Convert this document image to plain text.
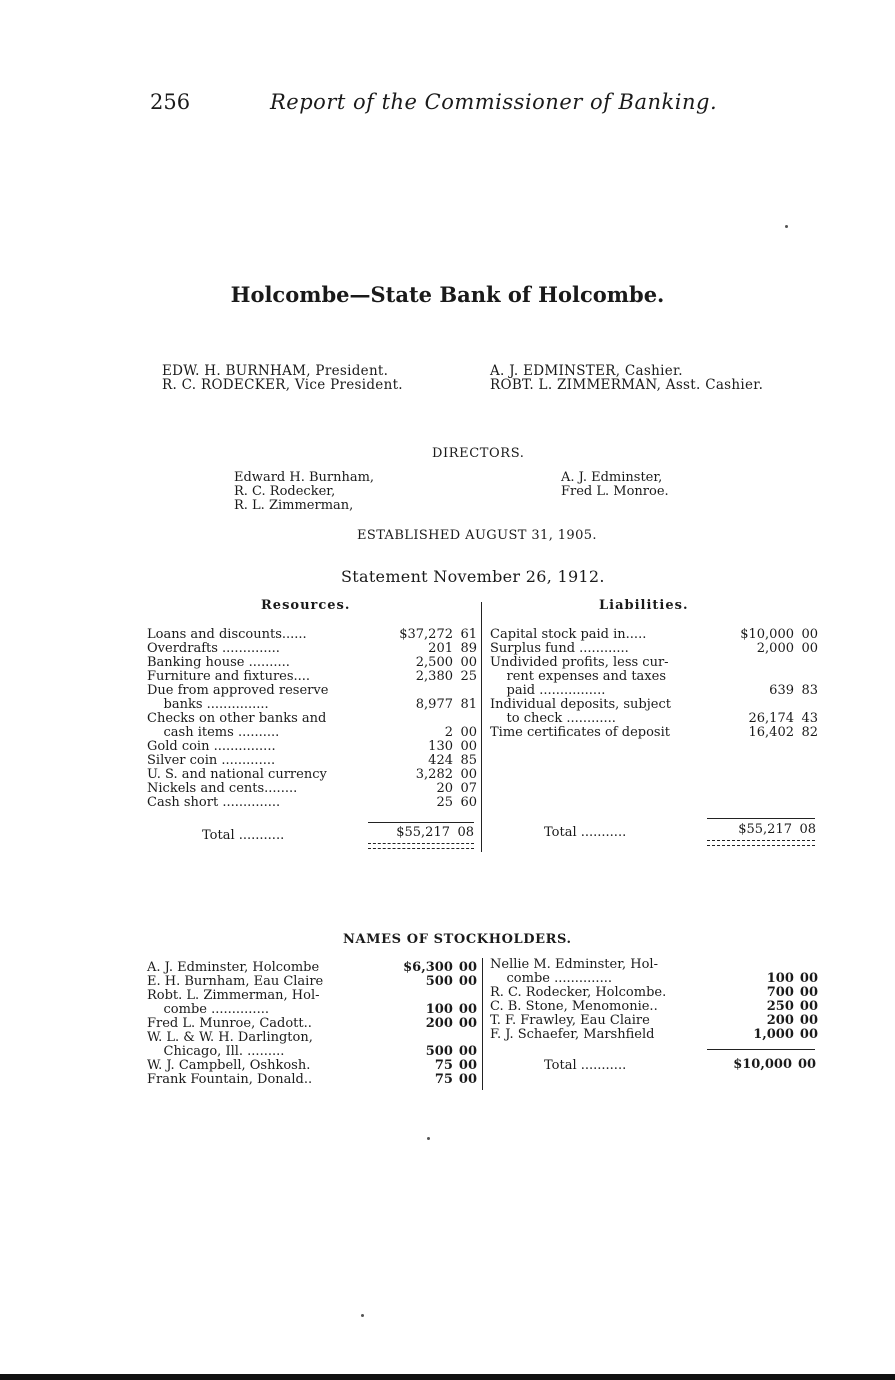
256	Report of the Commissioner of Banking.
Holcombe—State Bank of Holcombe.
EDW. H. BURNHAM, President.
R. C. RODECKER, Vice President.
A. J. EDMINSTER, Cashier.
ROBT. L. ZIMMERMAN, Asst. Cashier.
DIRECTORS.
Edward H. Burnham,
R. C. Rodecker,
R. L. Zimmerman,
A. J. Edminster,
Fred L. Monroe.
ESTABLISHED AUGUST 31, 1905.
Statement November 26, 1912.
Resources.	Liabilities.
Loans and discounts......	$37,272	61
Overdrafts ..............	201	89
Banking house ..........	2,500	00
Furniture and fixtures....	2,380	25
Due from approved reserve		
banks ...............	8,977	81
Checks on other banks and		
cash items ..........	2	00
Gold coin ...............	130	00
Silver coin .............	424	85
U. S. and national currency	3,282	00
Nickels and cents........	20	07
Cash short ..............	25	60
Total ...........	$55,217 08
Capital stock paid in.....	$10,000	00
Surplus fund ............	2,000	00
Undivided profits, less cur-		
rent expenses and taxes		
paid ................	639	83
Individual deposits, subject		
to check ............	26,174	43
Time certificates of deposit	16,402	82
Total ...........	$55,217 08
NAMES OF STOCKHOLDERS.
A. J. Edminster, Holcombe	$6,300	00
E. H. Burnham, Eau Claire	500	00
Robt. L. Zimmerman, Hol-		
combe ..............	100	00
Fred L. Munroe, Cadott..	200	00
W. L. & W. H. Darlington,		
Chicago, Ill. .........	500	00
W. J. Campbell, Oshkosh.	75	00
Frank Fountain, Donald..	75	00
Nellie M. Edminster, Hol-		
combe ..............	100	00
R. C. Rodecker, Holcombe.	700	00
C. B. Stone, Menomonie..	250	00
T. F. Frawley, Eau Claire	200	00
F. J. Schaefer, Marshfield	1,000	00
Total ...........	$10,000 00
